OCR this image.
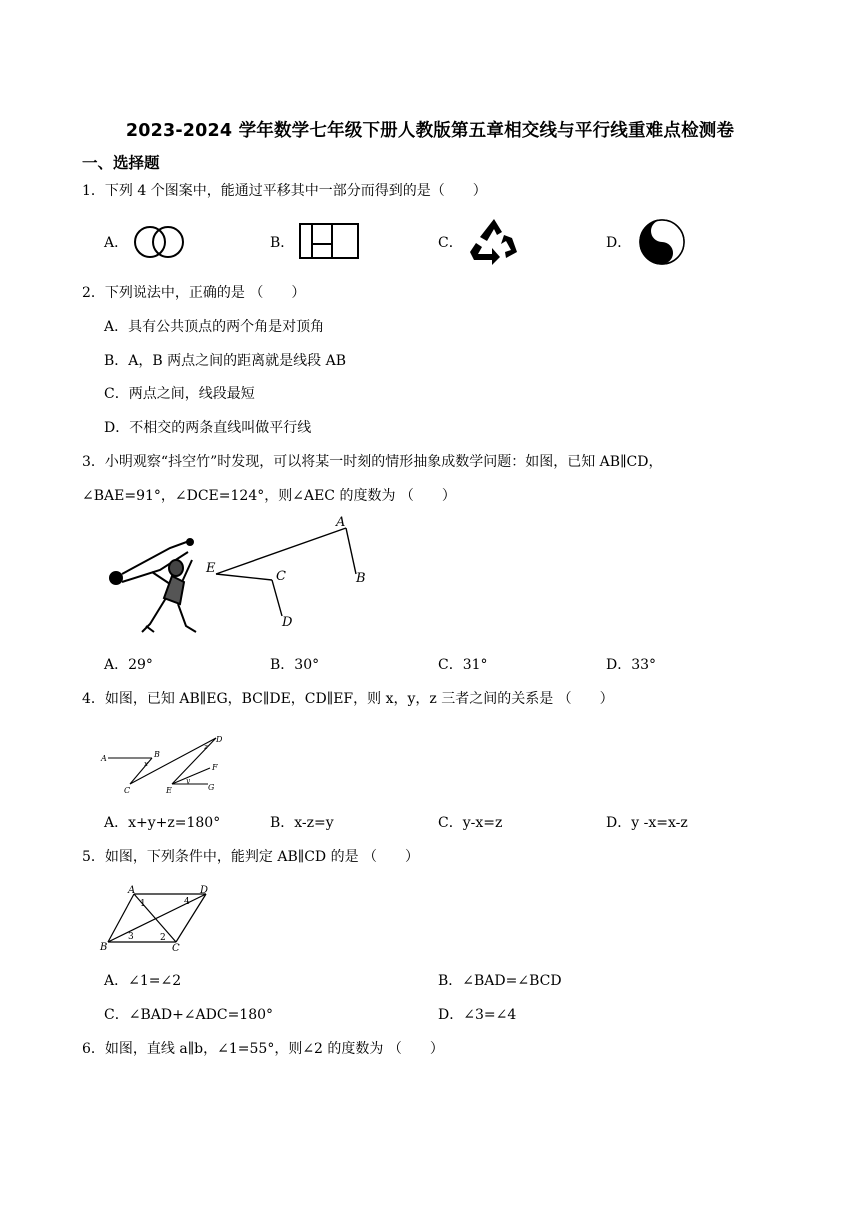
2023-2024 学年数学七年级下册人教版第五章相交线与平行线重难点检测卷
一、选择题
1．下列 4 个图案中，能通过平移其中一部分而得到的是（　　）
A．	B．	C．	D．
2．下列说法中，正确的是 （　　）
A．具有公共顶点的两个角是对顶角
B．A，B 两点之间的距离就是线段 AB
C．两点之间，线段最短
D．不相交的两条直线叫做平行线
3．小明观察“抖空竹”时发现，可以将某一时刻的情形抽象成数学问题：如图，已知 AB∥CD，
∠BAE=91°，∠DCE=124°，则∠AEC 的度数为 （　　）
A
B
E
C
D
A．29°	B．30°	C．31°	D．33°
4．如图，已知 AB∥EG，BC∥DE，CD∥EF，则 x，y，z 三者之间的关系是 （　　）
A	B
C
D
E
F
G
x
y
z
A．x+y+z=180°	B．x-z=y	C．y-x=z	D．y -x=x-z
5．如图，下列条件中，能判定 AB∥CD 的是 （　　）
A	D
B	C
1
2
3
4
A．∠1=∠2	B．∠BAD=∠BCD
C．∠BAD+∠ADC=180°	D．∠3=∠4
6．如图，直线 a∥b，∠1=55°，则∠2 的度数为 （　　）
